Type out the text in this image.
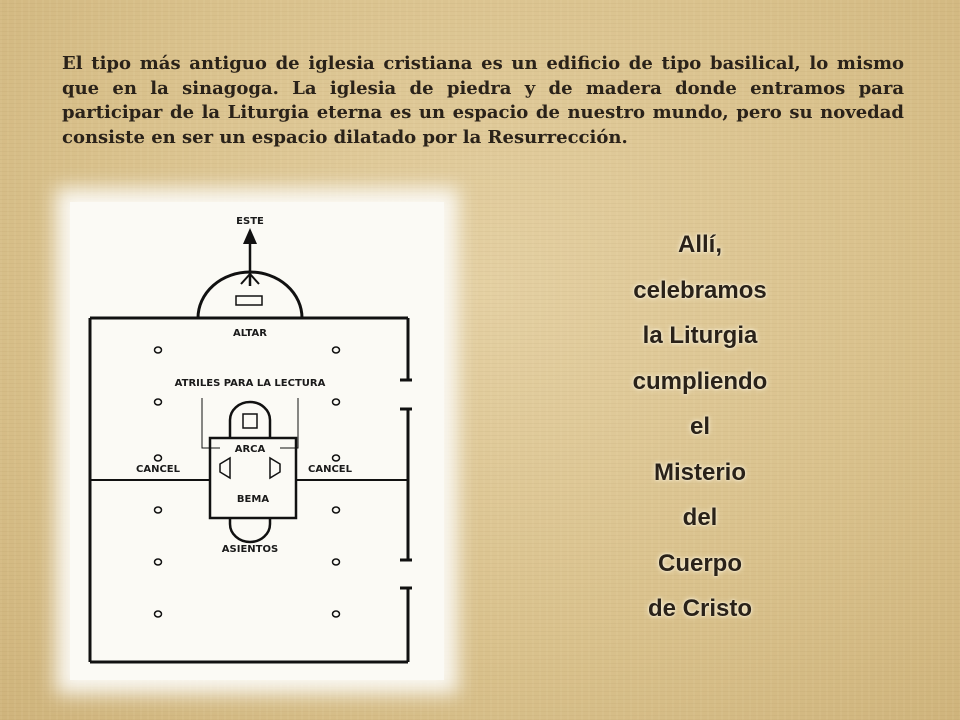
El tipo más antiguo de iglesia cristiana es un edificio de tipo basilical, lo mismo que en la sinagoga. La iglesia de piedra y de madera donde entramos para participar de la Liturgia eterna es un espacio de nuestro mundo, pero su novedad consiste en ser un espacio dilatado por la Resurrección.

ESTE
ALTAR
ATRILES PARA LA LECTURA
ARCA
BEMA
ASIENTOS
CANCEL	CANCEL
Allí,
celebramos
la Liturgia
cumpliendo
el
Misterio
del
Cuerpo
de Cristo
